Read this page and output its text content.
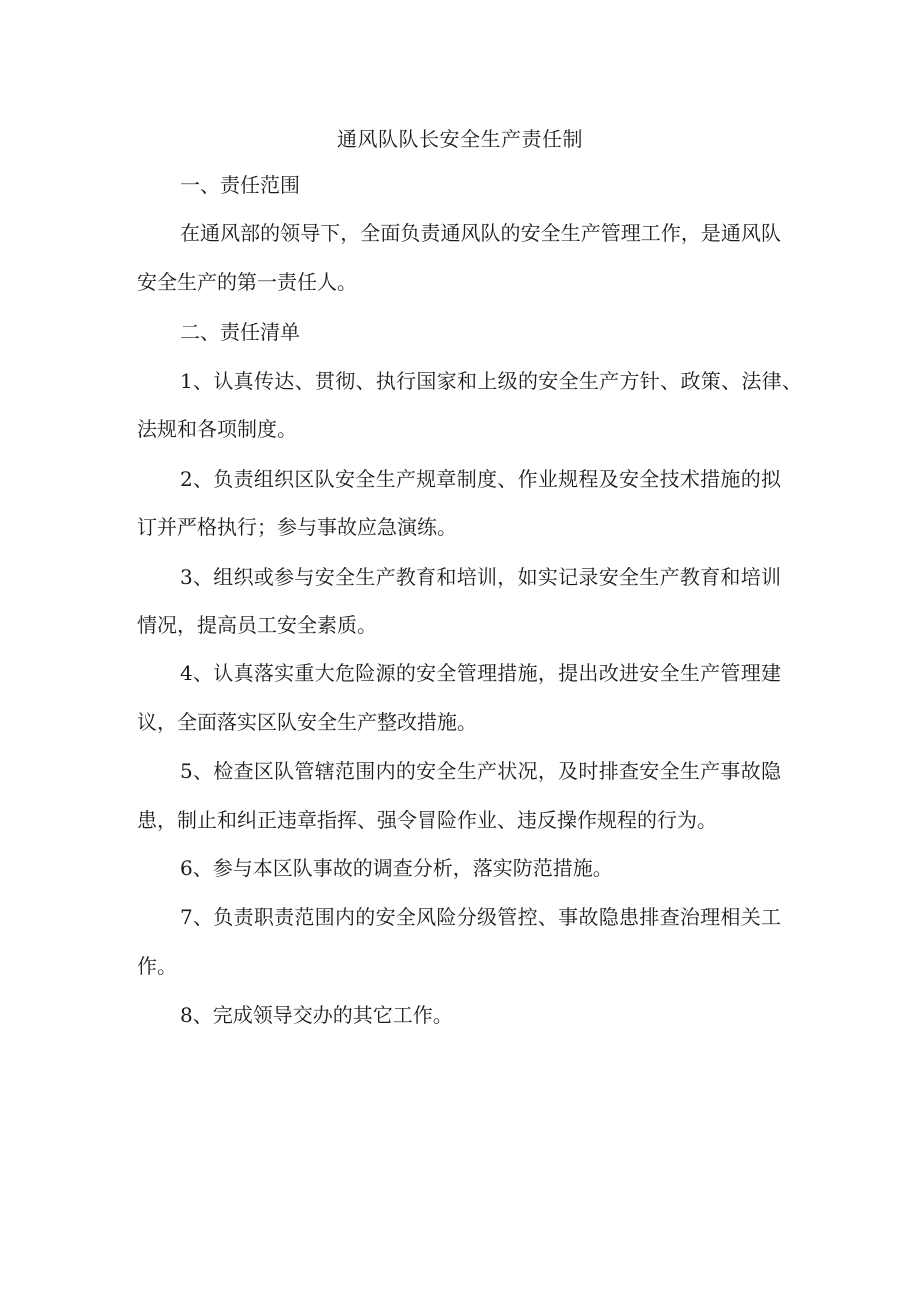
通风队队长安全生产责任制

一、责任范围

在通风部的领导下，全面负责通风队的安全生产管理工作，是通风队

安全生产的第一责任人。

二、责任清单

1、认真传达、贯彻、执行国家和上级的安全生产方针、政策、法律、

法规和各项制度。

2、负责组织区队安全生产规章制度、作业规程及安全技术措施的拟

订并严格执行；参与事故应急演练。

3、组织或参与安全生产教育和培训，如实记录安全生产教育和培训

情况，提高员工安全素质。

4、认真落实重大危险源的安全管理措施，提出改进安全生产管理建

议，全面落实区队安全生产整改措施。

5、检查区队管辖范围内的安全生产状况，及时排查安全生产事故隐

患，制止和纠正违章指挥、强令冒险作业、违反操作规程的行为。

6、参与本区队事故的调查分析，落实防范措施。

7、负责职责范围内的安全风险分级管控、事故隐患排查治理相关工

作。

8、完成领导交办的其它工作。
